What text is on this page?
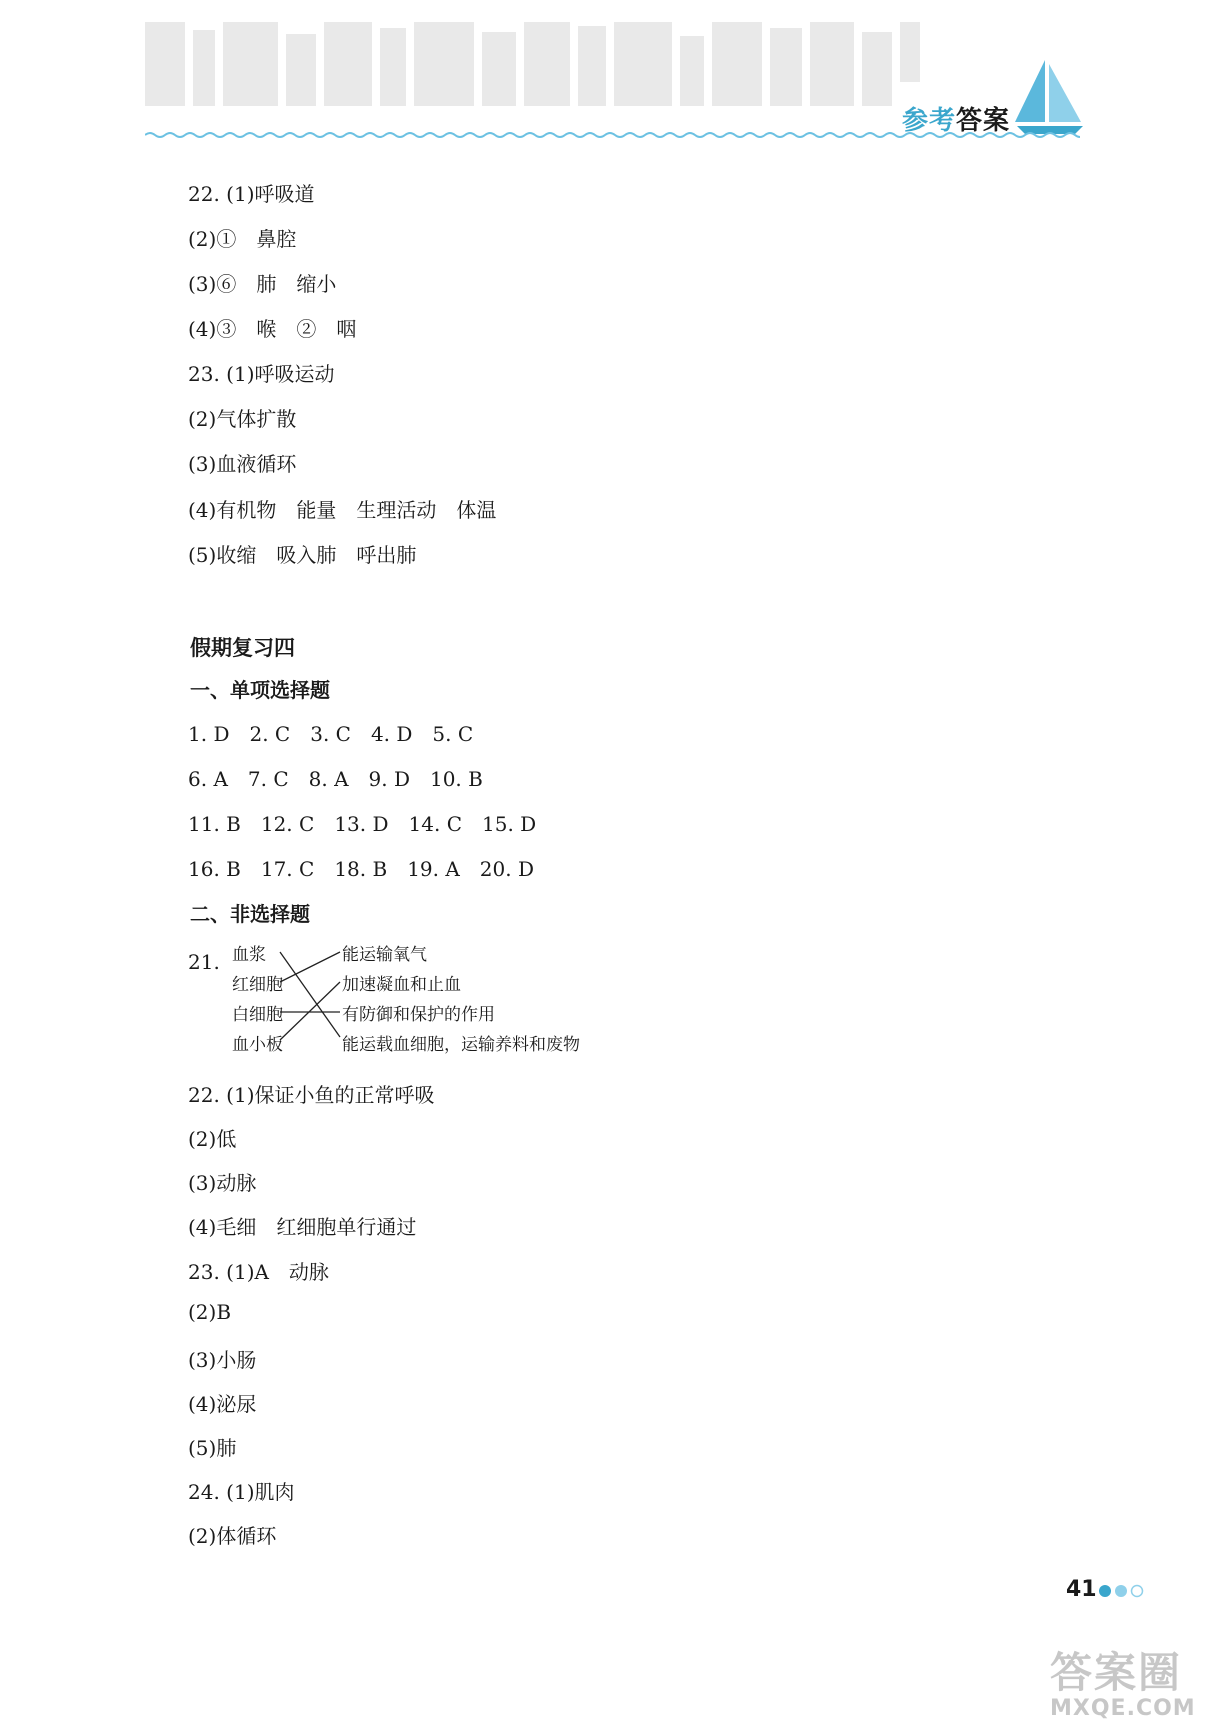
参考答案
22. (1)呼吸道
(2)①　鼻腔
(3)⑥　肺　缩小
(4)③　喉　②　咽
23. (1)呼吸运动
(2)气体扩散
(3)血液循环
(4)有机物　能量　生理活动　体温
(5)收缩　吸入肺　呼出肺
假期复习四
一、单项选择题
1. D　2. C　3. C　4. D　5. C
6. A　7. C　8. A　9. D　10. B
11. B　12. C　13. D　14. C　15. D
16. B　17. C　18. B　19. A　20. D
二、非选择题
21. 血浆
红细胞
白细胞
血小板
能运输氧气
加速凝血和止血
有防御和保护的作用
能运载血细胞，运输养料和废物
22. (1)保证小鱼的正常呼吸
(2)低
(3)动脉
(4)毛细　红细胞单行通过
23. (1)A　动脉
(2)B
(3)小肠
(4)泌尿
(5)肺
24. (1)肌肉
(2)体循环
41
答案圈
MXQE.COM
